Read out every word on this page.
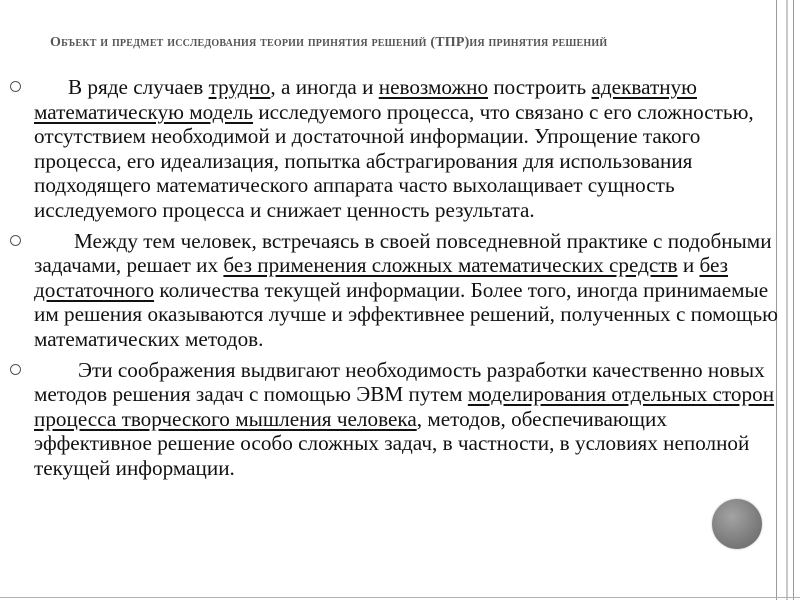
Объект и предмет исследования теории принятия решений (ТПР)ия принятия решений
В ряде случаев трудно, а иногда и невозможно построить адекватную математическую модель исследуемого процесса, что связано с его сложностью, отсутствием необходимой и достаточной информации. Упрощение такого процесса, его идеализация, попытка абстрагирования для использования подходящего математического аппарата часто выхолащивает сущность исследуемого процесса и снижает ценность результата.
Между тем человек, встречаясь в своей повседневной практике с подобными задачами, решает их без применения сложных математических средств и без достаточного количества текущей информации. Более того, иногда принимаемые им решения оказываются лучше и эффективнее решений, полученных с помощью математических методов.
Эти соображения выдвигают необходимость разработки качественно новых методов решения задач с помощью ЭВМ путем моделирования отдельных сторон процесса творческого мышления человека, методов, обеспечивающих эффективное решение особо сложных задач, в частности, в условиях неполной текущей информации.
